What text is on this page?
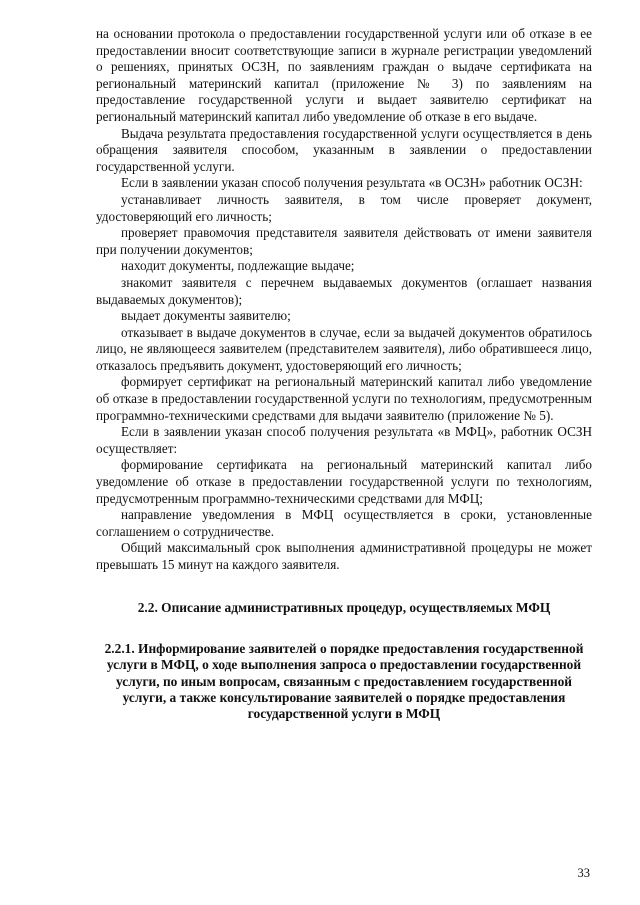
на основании протокола о предоставлении государственной услуги или об отказе в ее предоставлении вносит соответствующие записи в журнале регистрации уведомлений о решениях, принятых ОСЗН, по заявлениям граждан о выдаче сертификата на региональный материнский капитал (приложение № 3) по заявлениям на предоставление государственной услуги и выдает заявителю сертификат на региональный материнский капитал либо уведомление об отказе в его выдаче.

Выдача результата предоставления государственной услуги осуществляется в день обращения заявителя способом, указанным в заявлении о предоставлении государственной услуги.

Если в заявлении указан способ получения результата «в ОСЗН» работник ОСЗН:

устанавливает личность заявителя, в том числе проверяет документ, удостоверяющий его личность;

проверяет правомочия представителя заявителя действовать от имени заявителя при получении документов;

находит документы, подлежащие выдаче;

знакомит заявителя с перечнем выдаваемых документов (оглашает названия выдаваемых документов);

выдает документы заявителю;

отказывает в выдаче документов в случае, если за выдачей документов обратилось лицо, не являющееся заявителем (представителем заявителя), либо обратившееся лицо, отказалось предъявить документ, удостоверяющий его личность;

формирует сертификат на региональный материнский капитал либо уведомление об отказе в предоставлении государственной услуги по технологиям, предусмотренным программно-техническими средствами для выдачи заявителю (приложение № 5).

Если в заявлении указан способ получения результата «в МФЦ», работник ОСЗН осуществляет:

формирование сертификата на региональный материнский капитал либо уведомление об отказе в предоставлении государственной услуги по технологиям, предусмотренным программно-техническими средствами для МФЦ;

направление уведомления в МФЦ осуществляется в сроки, установленные соглашением о сотрудничестве.

Общий максимальный срок выполнения административной процедуры не может превышать 15 минут на каждого заявителя.

2.2. Описание административных процедур, осуществляемых МФЦ

2.2.1. Информирование заявителей о порядке предоставления государственной услуги в МФЦ, о ходе выполнения запроса о предоставлении государственной услуги, по иным вопросам, связанным с предоставлением государственной услуги, а также консультирование заявителей о порядке предоставления государственной услуги в МФЦ

33
